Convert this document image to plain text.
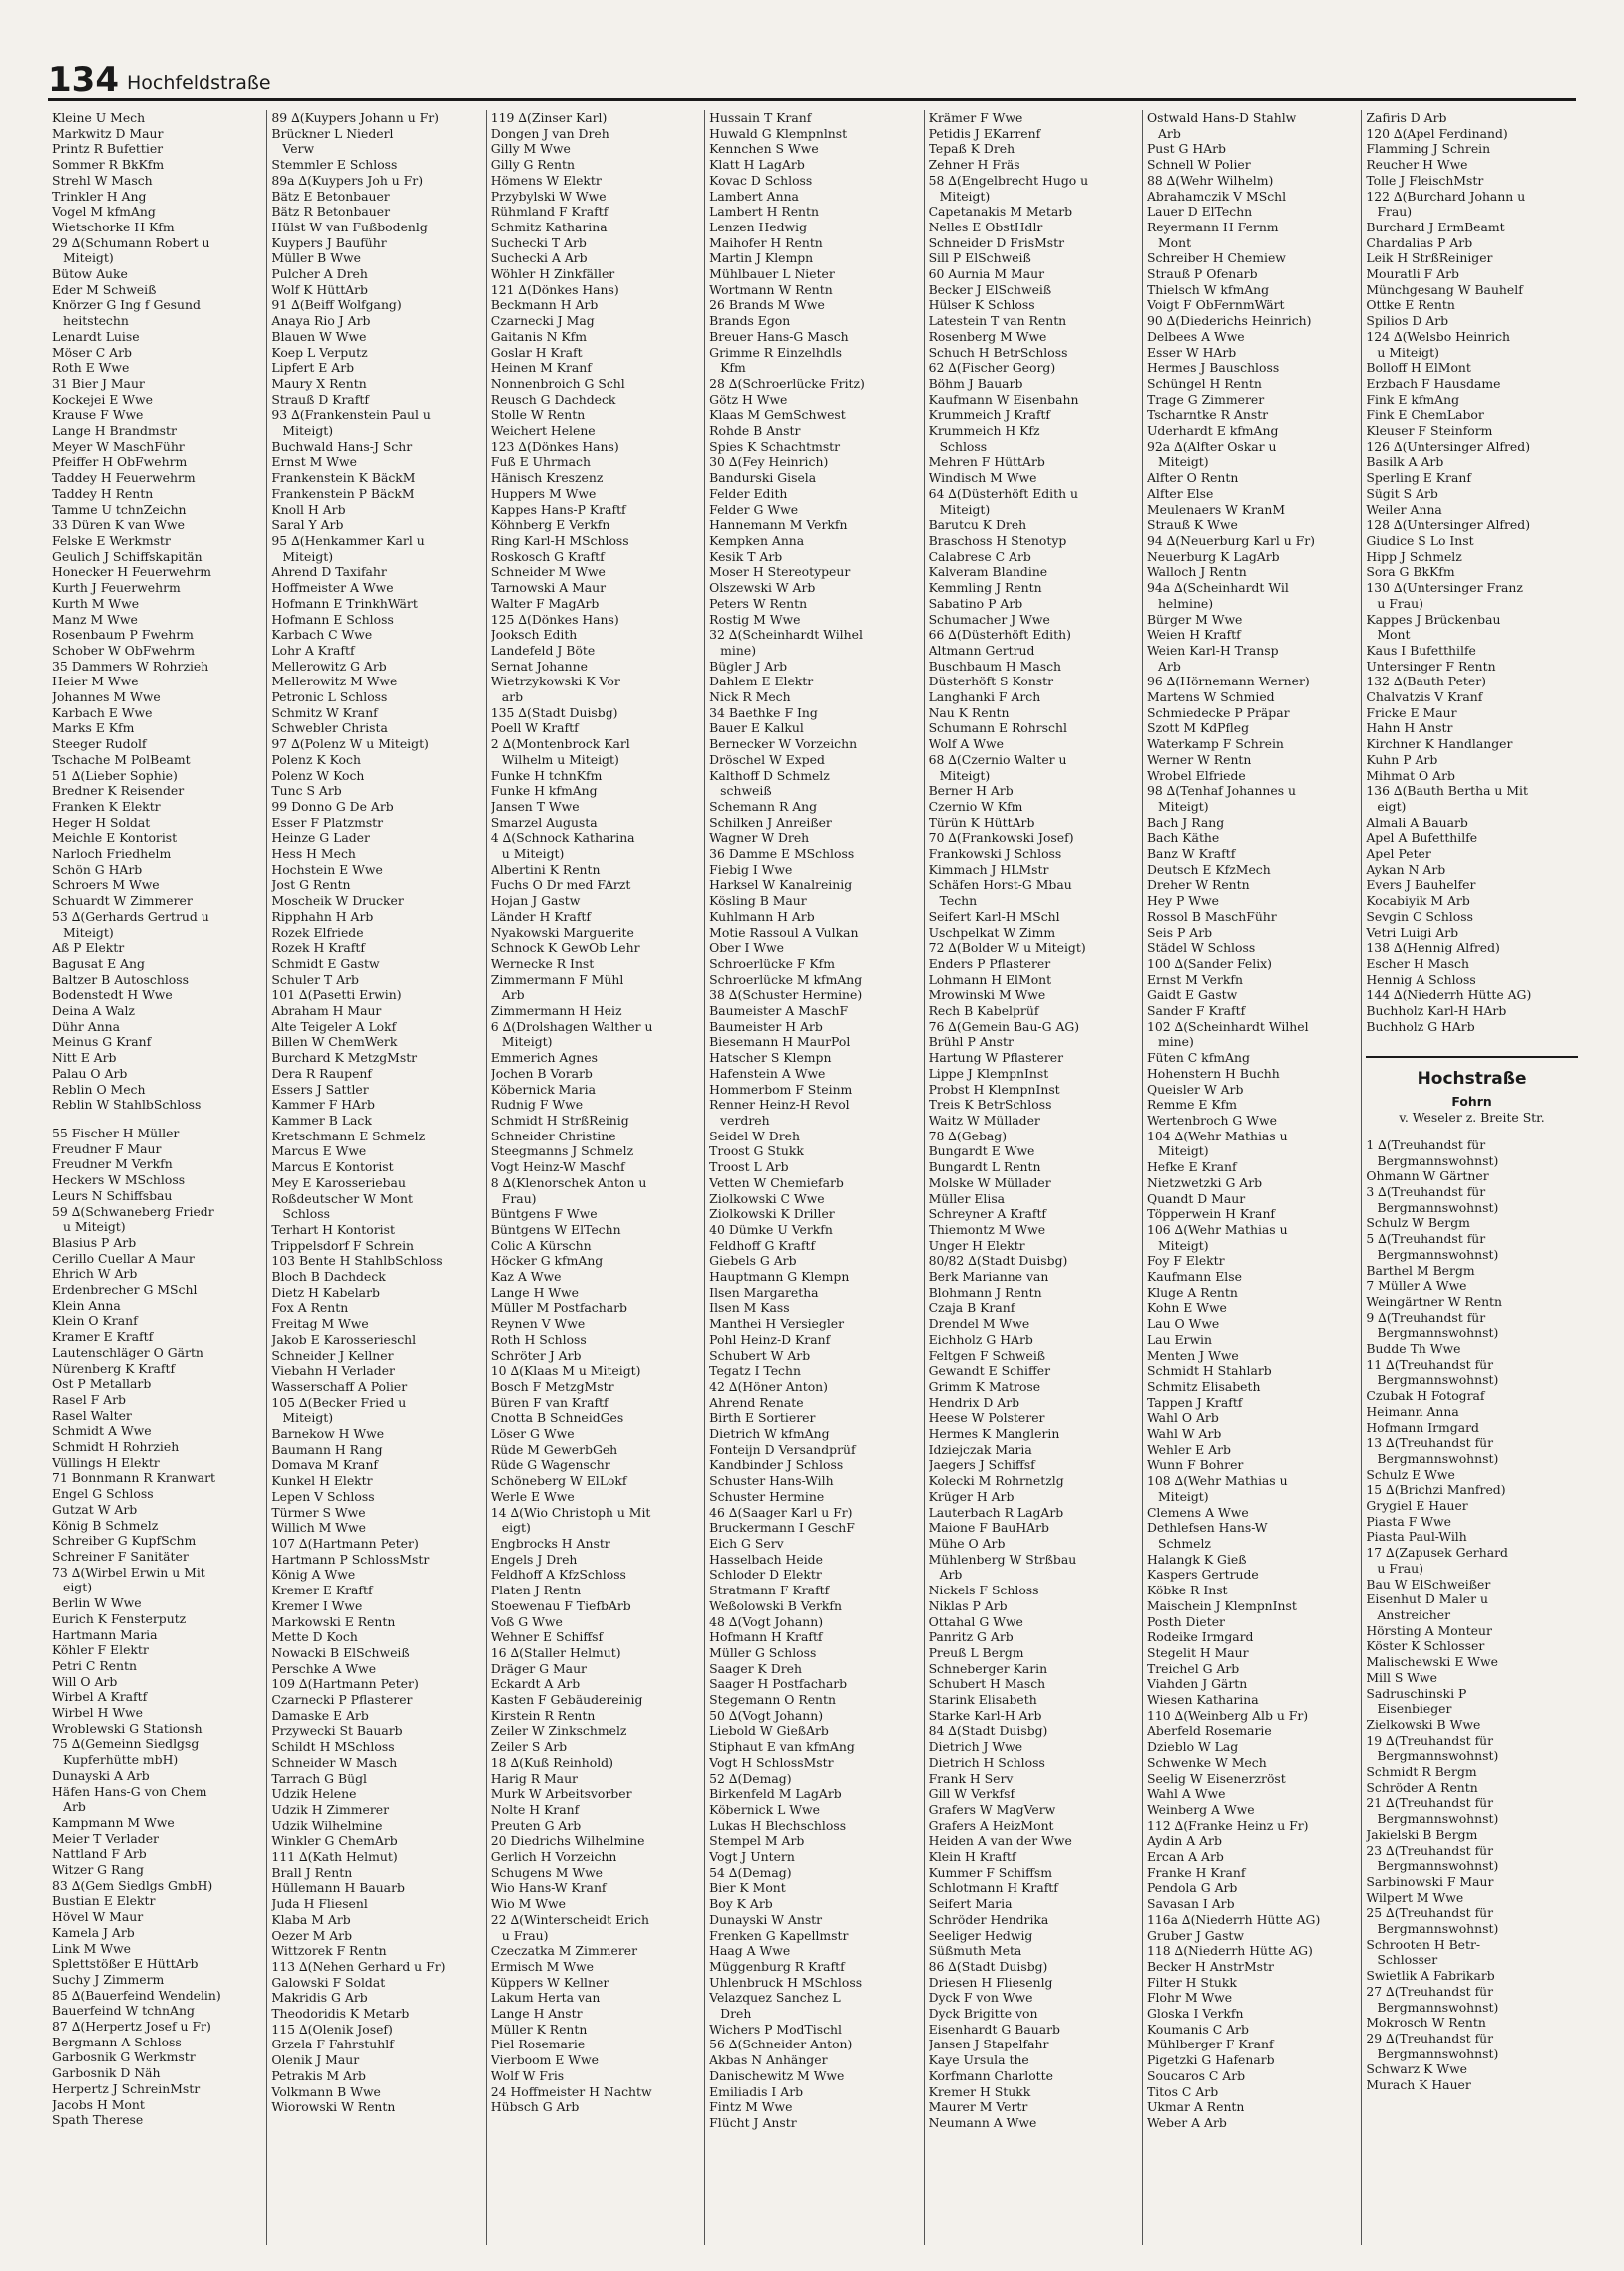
134 Hochfeldstraße
Kleine U Mech
Markwitz D Maur
Printz R Bufettier
Sommer R BkKfm
Strehl W Masch
Trinkler H Ang
Vogel M kfmAng
Wietschorke H Kfm
29 ∆(Schumann Robert u
Miteigt)
Bütow Auke
Eder M Schweiß
Knörzer G Ing f Gesund
heitstechn
Lenardt Luise
Möser C Arb
Roth E Wwe
31 Bier J Maur
Kockejei E Wwe
Krause F Wwe
Lange H Brandmstr
Meyer W MaschFühr
Pfeiffer H ObFwehrm
Taddey H Feuerwehrm
Taddey H Rentn
Tamme U tchnZeichn
33 Düren K van Wwe
Felske E Werkmstr
Geulich J Schiffskapitän
Honecker H Feuerwehrm
Kurth J Feuerwehrm
Kurth M Wwe
Manz M Wwe
Rosenbaum P Fwehrm
Schober W ObFwehrm
35 Dammers W Rohrzieh
Heier M Wwe
Johannes M Wwe
Karbach E Wwe
Marks E Kfm
Steeger Rudolf
Tschache M PolBeamt
51 ∆(Lieber Sophie)
Bredner K Reisender
Franken K Elektr
Heger H Soldat
Meichle E Kontorist
Narloch Friedhelm
Schön G HArb
Schroers M Wwe
Schuardt W Zimmerer
53 ∆(Gerhards Gertrud u
Miteigt)
Aß P Elektr
Bagusat E Ang
Baltzer B Autoschloss
Bodenstedt H Wwe
Deina A Walz
Dühr Anna
Meinus G Kranf
Nitt E Arb
Palau O Arb
Reblin O Mech
Reblin W StahlbSchloss
55 Fischer H Müller
Freudner F Maur
Freudner M Verkfn
Heckers W MSchloss
Leurs N Schiffsbau
59 ∆(Schwaneberg Friedr
u Miteigt)
Blasius P Arb
Cerillo Cuellar A Maur
Ehrich W Arb
Erdenbrecher G MSchl
Klein Anna
Klein O Kranf
Kramer E Kraftf
Lautenschläger O Gärtn
Nürenberg K Kraftf
Ost P Metallarb
Rasel F Arb
Rasel Walter
Schmidt A Wwe
Schmidt H Rohrzieh
Vüllings H Elektr
71 Bonnmann R Kranwart
Engel G Schloss
Gutzat W Arb
König B Schmelz
Schreiber G KupfSchm
Schreiner F Sanitäter
73 ∆(Wirbel Erwin u Mit
eigt)
Berlin W Wwe
Eurich K Fensterputz
Hartmann Maria
Köhler F Elektr
Petri C Rentn
Will O Arb
Wirbel A Kraftf
Wirbel H Wwe
Wroblewski G Stationsh
75 ∆(Gemeinn Siedlgsg
Kupferhütte mbH)
Dunayski A Arb
Häfen Hans-G von Chem
Arb
Kampmann M Wwe
Meier T Verlader
Nattland F Arb
Witzer G Rang
83 ∆(Gem Siedlgs GmbH)
Bustian E Elektr
Hövel W Maur
Kamela J Arb
Link M Wwe
Splettstößer E HüttArb
Suchy J Zimmerm
85 ∆(Bauerfeind Wendelin)
Bauerfeind W tchnAng
87 ∆(Herpertz Josef u Fr)
Bergmann A Schloss
Garbosnik G Werkmstr
Garbosnik D Näh
Herpertz J SchreinMstr
Jacobs H Mont
Spath Therese
89 ∆(Kuypers Johann u Fr)
Brückner L Niederl
Verw
Stemmler E Schloss
89a ∆(Kuypers Joh u Fr)
Bätz E Betonbauer
Bätz R Betonbauer
Hülst W van Fußbodenlg
Kuypers J Bauführ
Müller B Wwe
Pulcher A Dreh
Wolf K HüttArb
91 ∆(Beiff Wolfgang)
Anaya Rio J Arb
Blauen W Wwe
Koep L Verputz
Lipfert E Arb
Maury X Rentn
Strauß D Kraftf
93 ∆(Frankenstein Paul u
Miteigt)
Buchwald Hans-J Schr
Ernst M Wwe
Frankenstein K BäckM
Frankenstein P BäckM
Knoll H Arb
Saral Y Arb
95 ∆(Henkammer Karl u
Miteigt)
Ahrend D Taxifahr
Hoffmeister A Wwe
Hofmann E TrinkhWärt
Hofmann E Schloss
Karbach C Wwe
Lohr A Kraftf
Mellerowitz G Arb
Mellerowitz M Wwe
Petronic L Schloss
Schmitz W Kranf
Schwebler Christa
97 ∆(Polenz W u Miteigt)
Polenz K Koch
Polenz W Koch
Tunc S Arb
99 Donno G De Arb
Esser F Platzmstr
Heinze G Lader
Hess H Mech
Hochstein E Wwe
Jost G Rentn
Moscheik W Drucker
Ripphahn H Arb
Rozek Elfriede
Rozek H Kraftf
Schmidt E Gastw
Schuler T Arb
101 ∆(Pasetti Erwin)
Abraham H Maur
Alte Teigeler A Lokf
Billen W ChemWerk
Burchard K MetzgMstr
Dera R Raupenf
Essers J Sattler
Kammer F HArb
Kammer B Lack
Kretschmann E Schmelz
Marcus E Wwe
Marcus E Kontorist
Mey E Karosseriebau
Roßdeutscher W Mont
Schloss
Terhart H Kontorist
Trippelsdorf F Schrein
103 Bente H StahlbSchloss
Bloch B Dachdeck
Dietz H Kabelarb
Fox A Rentn
Freitag M Wwe
Jakob E Karosserieschl
Schneider J Kellner
Viebahn H Verlader
Wasserschaff A Polier
105 ∆(Becker Fried u
Miteigt)
Barnekow H Wwe
Baumann H Rang
Domava M Kranf
Kunkel H Elektr
Lepen V Schloss
Türmer S Wwe
Willich M Wwe
107 ∆(Hartmann Peter)
Hartmann P SchlossMstr
König A Wwe
Kremer E Kraftf
Kremer I Wwe
Markowski E Rentn
Mette D Koch
Nowacki B ElSchweiß
Perschke A Wwe
109 ∆(Hartmann Peter)
Czarnecki P Pflasterer
Damaske E Arb
Przywecki St Bauarb
Schildt H MSchloss
Schneider W Masch
Tarrach G Bügl
Udzik Helene
Udzik H Zimmerer
Udzik Wilhelmine
Winkler G ChemArb
111 ∆(Kath Helmut)
Brall J Rentn
Hüllemann H Bauarb
Juda H Fliesenl
Klaba M Arb
Oezer M Arb
Wittzorek F Rentn
113 ∆(Nehen Gerhard u Fr)
Galowski F Soldat
Makridis G Arb
Theodoridis K Metarb
115 ∆(Olenik Josef)
Grzela F Fahrstuhlf
Olenik J Maur
Petrakis M Arb
Volkmann B Wwe
Wiorowski W Rentn
119 ∆(Zinser Karl)
Dongen J van Dreh
Gilly M Wwe
Gilly G Rentn
Hömens W Elektr
Przybylski W Wwe
Rühmland F Kraftf
Schmitz Katharina
Suchecki T Arb
Suchecki A Arb
Wöhler H Zinkfäller
121 ∆(Dönkes Hans)
Beckmann H Arb
Czarnecki J Mag
Gaitanis N Kfm
Goslar H Kraft
Heinen M Kranf
Nonnenbroich G Schl
Reusch G Dachdeck
Stolle W Rentn
Weichert Helene
123 ∆(Dönkes Hans)
Fuß E Uhrmach
Hänisch Kreszenz
Huppers M Wwe
Kappes Hans-P Kraftf
Köhnberg E Verkfn
Ring Karl-H MSchloss
Roskosch G Kraftf
Schneider M Wwe
Tarnowski A Maur
Walter F MagArb
125 ∆(Dönkes Hans)
Jooksch Edith
Landefeld J Böte
Sernat Johanne
Wietrzykowski K Vor
arb
135 ∆(Stadt Duisbg)
Poell W Kraftf
2 ∆(Montenbrock Karl
Wilhelm u Miteigt)
Funke H tchnKfm
Funke H kfmAng
Jansen T Wwe
Smarzel Augusta
4 ∆(Schnock Katharina
u Miteigt)
Albertini K Rentn
Fuchs O Dr med FArzt
Hojan J Gastw
Länder H Kraftf
Nyakowski Marguerite
Schnock K GewOb Lehr
Wernecke R Inst
Zimmermann F Mühl
Arb
Zimmermann H Heiz
6 ∆(Drolshagen Walther u
Miteigt)
Emmerich Agnes
Jochen B Vorarb
Köbernick Maria
Rudnig F Wwe
Schmidt H StrßReinig
Schneider Christine
Steegmanns J Schmelz
Vogt Heinz-W Maschf
8 ∆(Klenorschek Anton u
Frau)
Büntgens F Wwe
Büntgens W ElTechn
Colic A Kürschn
Höcker G kfmAng
Kaz A Wwe
Lange H Wwe
Müller M Postfacharb
Reynen V Wwe
Roth H Schloss
Schröter J Arb
10 ∆(Klaas M u Miteigt)
Bosch F MetzgMstr
Büren F van Kraftf
Cnotta B SchneidGes
Löser G Wwe
Rüde M GewerbGeh
Rüde G Wagenschr
Schöneberg W ElLokf
Werle E Wwe
14 ∆(Wio Christoph u Mit
eigt)
Engbrocks H Anstr
Engels J Dreh
Feldhoff A KfzSchloss
Platen J Rentn
Stoewenau F TiefbArb
Voß G Wwe
Wehner E Schiffsf
16 ∆(Staller Helmut)
Dräger G Maur
Eckardt A Arb
Kasten F Gebäudereinig
Kirstein R Rentn
Zeiler W Zinkschmelz
Zeiler S Arb
18 ∆(Kuß Reinhold)
Harig R Maur
Murk W Arbeitsvorber
Nolte H Kranf
Preuten G Arb
20 Diedrichs Wilhelmine
Gerlich H Vorzeichn
Schugens M Wwe
Wio Hans-W Kranf
Wio M Wwe
22 ∆(Winterscheidt Erich
u Frau)
Czeczatka M Zimmerer
Ermisch M Wwe
Küppers W Kellner
Lakum Herta van
Lange H Anstr
Müller K Rentn
Piel Rosemarie
Vierboom E Wwe
Wolf W Fris
24 Hoffmeister H Nachtw
Hübsch G Arb
Hussain T Kranf
Huwald G Klempnlnst
Kennchen S Wwe
Klatt H LagArb
Kovac D Schloss
Lambert Anna
Lambert H Rentn
Lenzen Hedwig
Maihofer H Rentn
Martin J Klempn
Mühlbauer L Nieter
Wortmann W Rentn
26 Brands M Wwe
Brands Egon
Breuer Hans-G Masch
Grimme R Einzelhdls
Kfm
28 ∆(Schroerlücke Fritz)
Götz H Wwe
Klaas M GemSchwest
Rohde B Anstr
Spies K Schachtmstr
30 ∆(Fey Heinrich)
Bandurski Gisela
Felder Edith
Felder G Wwe
Hannemann M Verkfn
Kempken Anna
Kesik T Arb
Moser H Stereotypeur
Olszewski W Arb
Peters W Rentn
Rostig M Wwe
32 ∆(Scheinhardt Wilhel
mine)
Bügler J Arb
Dahlem E Elektr
Nick R Mech
34 Baethke F Ing
Bauer E Kalkul
Bernecker W Vorzeichn
Dröschel W Exped
Kalthoff D Schmelz
schweiß
Schemann R Ang
Schilken J Anreißer
Wagner W Dreh
36 Damme E MSchloss
Fiebig I Wwe
Harksel W Kanalreinig
Kösling B Maur
Kuhlmann H Arb
Motie Rassoul A Vulkan
Ober I Wwe
Schroerlücke F Kfm
Schroerlücke M kfmAng
38 ∆(Schuster Hermine)
Baumeister A MaschF
Baumeister H Arb
Biesemann H MaurPol
Hatscher S Klempn
Hafenstein A Wwe
Hommerbom F Steinm
Renner Heinz-H Revol
verdreh
Seidel W Dreh
Troost G Stukk
Troost L Arb
Vetten W Chemiefarb
Ziolkowski C Wwe
Ziolkowski K Driller
40 Dümke U Verkfn
Feldhoff G Kraftf
Giebels G Arb
Hauptmann G Klempn
Ilsen Margaretha
Ilsen M Kass
Manthei H Versiegler
Pohl Heinz-D Kranf
Schubert W Arb
Tegatz I Techn
42 ∆(Höner Anton)
Ahrend Renate
Birth E Sortierer
Dietrich W kfmAng
Fonteijn D Versandprüf
Kandbinder J Schloss
Schuster Hans-Wilh
Schuster Hermine
46 ∆(Saager Karl u Fr)
Bruckermann I GeschF
Eich G Serv
Hasselbach Heide
Schloder D Elektr
Stratmann F Kraftf
Weßolowski B Verkfn
48 ∆(Vogt Johann)
Hofmann H Kraftf
Müller G Schloss
Saager K Dreh
Saager H Postfacharb
Stegemann O Rentn
50 ∆(Vogt Johann)
Liebold W GießArb
Stiphaut E van kfmAng
Vogt H SchlossMstr
52 ∆(Demag)
Birkenfeld M LagArb
Köbernick L Wwe
Lukas H Blechschloss
Stempel M Arb
Vogt J Untern
54 ∆(Demag)
Bier K Mont
Boy K Arb
Dunayski W Anstr
Frenken G Kapellmstr
Haag A Wwe
Müggenburg R Kraftf
Uhlenbruck H MSchloss
Velazquez Sanchez L
Dreh
Wichers P ModTischl
56 ∆(Schneider Anton)
Akbas N Anhänger
Danischewitz M Wwe
Emiliadis I Arb
Fintz M Wwe
Flücht J Anstr
Krämer F Wwe
Petidis J EKarrenf
Tepaß K Dreh
Zehner H Fräs
58 ∆(Engelbrecht Hugo u
Miteigt)
Capetanakis M Metarb
Nelles E ObstHdlr
Schneider D FrisMstr
Sill P ElSchweiß
60 Aurnia M Maur
Becker J ElSchweiß
Hülser K Schloss
Latestein T van Rentn
Rosenberg M Wwe
Schuch H BetrSchloss
62 ∆(Fischer Georg)
Böhm J Bauarb
Kaufmann W Eisenbahn
Krummeich J Kraftf
Krummeich H Kfz
Schloss
Mehren F HüttArb
Windisch M Wwe
64 ∆(Düsterhöft Edith u
Miteigt)
Barutcu K Dreh
Braschoss H Stenotyp
Calabrese C Arb
Kalveram Blandine
Kemmling J Rentn
Sabatino P Arb
Schumacher J Wwe
66 ∆(Düsterhöft Edith)
Altmann Gertrud
Buschbaum H Masch
Düsterhöft S Konstr
Langhanki F Arch
Nau K Rentn
Schumann E Rohrschl
Wolf A Wwe
68 ∆(Czernio Walter u
Miteigt)
Berner H Arb
Czernio W Kfm
Türün K HüttArb
70 ∆(Frankowski Josef)
Frankowski J Schloss
Kimmach J HLMstr
Schäfen Horst-G Mbau
Techn
Seifert Karl-H MSchl
Uschpelkat W Zimm
72 ∆(Bolder W u Miteigt)
Enders P Pflasterer
Lohmann H ElMont
Mrowinski M Wwe
Rech B Kabelprüf
76 ∆(Gemein Bau-G AG)
Brühl P Anstr
Hartung W Pflasterer
Lippe J KlempnInst
Probst H KlempnInst
Treis K BetrSchloss
Waitz W Müllader
78 ∆(Gebag)
Bungardt E Wwe
Bungardt L Rentn
Molske W Müllader
Müller Elisa
Schreyner A Kraftf
Thiemontz M Wwe
Unger H Elektr
80/82 ∆(Stadt Duisbg)
Berk Marianne van
Blohmann J Rentn
Czaja B Kranf
Drendel M Wwe
Eichholz G HArb
Feltgen F Schweiß
Gewandt E Schiffer
Grimm K Matrose
Hendrix D Arb
Heese W Polsterer
Hermes K Manglerin
Idziejczak Maria
Jaegers J Schiffsf
Kolecki M Rohrnetzlg
Krüger H Arb
Lauterbach R LagArb
Maione F BauHArb
Mühe O Arb
Mühlenberg W Strßbau
Arb
Nickels F Schloss
Niklas P Arb
Ottahal G Wwe
Panritz G Arb
Preuß L Bergm
Schneberger Karin
Schubert H Masch
Starink Elisabeth
Starke Karl-H Arb
84 ∆(Stadt Duisbg)
Dietrich J Wwe
Dietrich H Schloss
Frank H Serv
Gill W Verkfsf
Grafers W MagVerw
Grafers A HeizMont
Heiden A van der Wwe
Klein H Kraftf
Kummer F Schiffsm
Schlotmann H Kraftf
Seifert Maria
Schröder Hendrika
Seeliger Hedwig
Süßmuth Meta
86 ∆(Stadt Duisbg)
Driesen H Fliesenlg
Dyck F von Wwe
Dyck Brigitte von
Eisenhardt G Bauarb
Jansen J Stapelfahr
Kaye Ursula the
Korfmann Charlotte
Kremer H Stukk
Maurer M Vertr
Neumann A Wwe
Ostwald Hans-D Stahlw
Arb
Pust G HArb
Schnell W Polier
88 ∆(Wehr Wilhelm)
Abrahamczik V MSchl
Lauer D ElTechn
Reyermann H Fernm
Mont
Schreiber H Chemiew
Strauß P Ofenarb
Thielsch W kfmAng
Voigt F ObFernmWärt
90 ∆(Diederichs Heinrich)
Delbees A Wwe
Esser W HArb
Hermes J Bauschloss
Schüngel H Rentn
Trage G Zimmerer
Tscharntke R Anstr
Uderhardt E kfmAng
92a ∆(Alfter Oskar u
Miteigt)
Alfter O Rentn
Alfter Else
Meulenaers W KranM
Strauß K Wwe
94 ∆(Neuerburg Karl u Fr)
Neuerburg K LagArb
Walloch J Rentn
94a ∆(Scheinhardt Wil
helmine)
Bürger M Wwe
Weien H Kraftf
Weien Karl-H Transp
Arb
96 ∆(Hörnemann Werner)
Martens W Schmied
Schmiedecke P Präpar
Szott M KdPfleg
Waterkamp F Schrein
Werner W Rentn
Wrobel Elfriede
98 ∆(Tenhaf Johannes u
Miteigt)
Bach J Rang
Bach Käthe
Banz W Kraftf
Deutsch E KfzMech
Dreher W Rentn
Hey P Wwe
Rossol B MaschFühr
Seis P Arb
Städel W Schloss
100 ∆(Sander Felix)
Ernst M Verkfn
Gaidt E Gastw
Sander F Kraftf
102 ∆(Scheinhardt Wilhel
mine)
Füten C kfmAng
Hohenstern H Buchh
Queisler W Arb
Remme E Kfm
Wertenbroch G Wwe
104 ∆(Wehr Mathias u
Miteigt)
Hefke E Kranf
Nietzwetzki G Arb
Quandt D Maur
Töpperwein H Kranf
106 ∆(Wehr Mathias u
Miteigt)
Foy F Elektr
Kaufmann Else
Kluge A Rentn
Kohn E Wwe
Lau O Wwe
Lau Erwin
Menten J Wwe
Schmidt H Stahlarb
Schmitz Elisabeth
Tappen J Kraftf
Wahl O Arb
Wahl W Arb
Wehler E Arb
Wunn F Bohrer
108 ∆(Wehr Mathias u
Miteigt)
Clemens A Wwe
Dethlefsen Hans-W
Schmelz
Halangk K Gieß
Kaspers Gertrude
Köbke R Inst
Maischein J KlempnInst
Posth Dieter
Rodeike Irmgard
Stegelit H Maur
Treichel G Arb
Viahden J Gärtn
Wiesen Katharina
110 ∆(Weinberg Alb u Fr)
Aberfeld Rosemarie
Dzieblo W Lag
Schwenke W Mech
Seelig W Eisenerzröst
Wahl A Wwe
Weinberg A Wwe
112 ∆(Franke Heinz u Fr)
Aydin A Arb
Ercan A Arb
Franke H Kranf
Pendola G Arb
Savasan I Arb
116a ∆(Niederrh Hütte AG)
Gruber J Gastw
118 ∆(Niederrh Hütte AG)
Becker H AnstrMstr
Filter H Stukk
Flohr M Wwe
Gloska I Verkfn
Koumanis C Arb
Mühlberger F Kranf
Pigetzki G Hafenarb
Soucaros C Arb
Titos C Arb
Ukmar A Rentn
Weber A Arb
Zafiris D Arb
120 ∆(Apel Ferdinand)
Flamming J Schrein
Reucher H Wwe
Tolle J FleischMstr
122 ∆(Burchard Johann u
Frau)
Burchard J ErmBeamt
Chardalias P Arb
Leik H StrßReiniger
Mouratli F Arb
Münchgesang W Bauhelf
Ottke E Rentn
Spilios D Arb
124 ∆(Welsbo Heinrich
u Miteigt)
Bolloff H ElMont
Erzbach F Hausdame
Fink E kfmAng
Fink E ChemLabor
Kleuser F Steinform
126 ∆(Untersinger Alfred)
Basilk A Arb
Sperling E Kranf
Sügit S Arb
Weiler Anna
128 ∆(Untersinger Alfred)
Giudice S Lo Inst
Hipp J Schmelz
Sora G BkKfm
130 ∆(Untersinger Franz
u Frau)
Kappes J Brückenbau
Mont
Kaus I Bufetthilfe
Untersinger F Rentn
132 ∆(Bauth Peter)
Chalvatzis V Kranf
Fricke E Maur
Hahn H Anstr
Kirchner K Handlanger
Kuhn P Arb
Mihmat O Arb
136 ∆(Bauth Bertha u Mit
eigt)
Almali A Bauarb
Apel A Bufetthilfe
Apel Peter
Aykan N Arb
Evers J Bauhelfer
Kocabiyik M Arb
Sevgin C Schloss
Vetri Luigi Arb
138 ∆(Hennig Alfred)
Escher H Masch
Hennig A Schloss
144 ∆(Niederrh Hütte AG)
Buchholz Karl-H HArb
Buchholz G HArb
Hochstraße
Fohrn
v. Weseler z. Breite Str.
1 ∆(Treuhandst für
Bergmannswohnst)
Ohmann W Gärtner
3 ∆(Treuhandst für
Bergmannswohnst)
Schulz W Bergm
5 ∆(Treuhandst für
Bergmannswohnst)
Barthel M Bergm
7 Müller A Wwe
Weingärtner W Rentn
9 ∆(Treuhandst für
Bergmannswohnst)
Budde Th Wwe
11 ∆(Treuhandst für
Bergmannswohnst)
Czubak H Fotograf
Heimann Anna
Hofmann Irmgard
13 ∆(Treuhandst für
Bergmannswohnst)
Schulz E Wwe
15 ∆(Brichzi Manfred)
Grygiel E Hauer
Piasta F Wwe
Piasta Paul-Wilh
17 ∆(Zapusek Gerhard
u Frau)
Bau W ElSchweißer
Eisenhut D Maler u
Anstreicher
Hörsting A Monteur
Köster K Schlosser
Malischewski E Wwe
Mill S Wwe
Sadruschinski P
Eisenbieger
Zielkowski B Wwe
19 ∆(Treuhandst für
Bergmannswohnst)
Schmidt R Bergm
Schröder A Rentn
21 ∆(Treuhandst für
Bergmannswohnst)
Jakielski B Bergm
23 ∆(Treuhandst für
Bergmannswohnst)
Sarbinowski F Maur
Wilpert M Wwe
25 ∆(Treuhandst für
Bergmannswohnst)
Schrooten H Betr-
Schlosser
Swietlik A Fabrikarb
27 ∆(Treuhandst für
Bergmannswohnst)
Mokrosch W Rentn
29 ∆(Treuhandst für
Bergmannswohnst)
Schwarz K Wwe
Murach K Hauer
